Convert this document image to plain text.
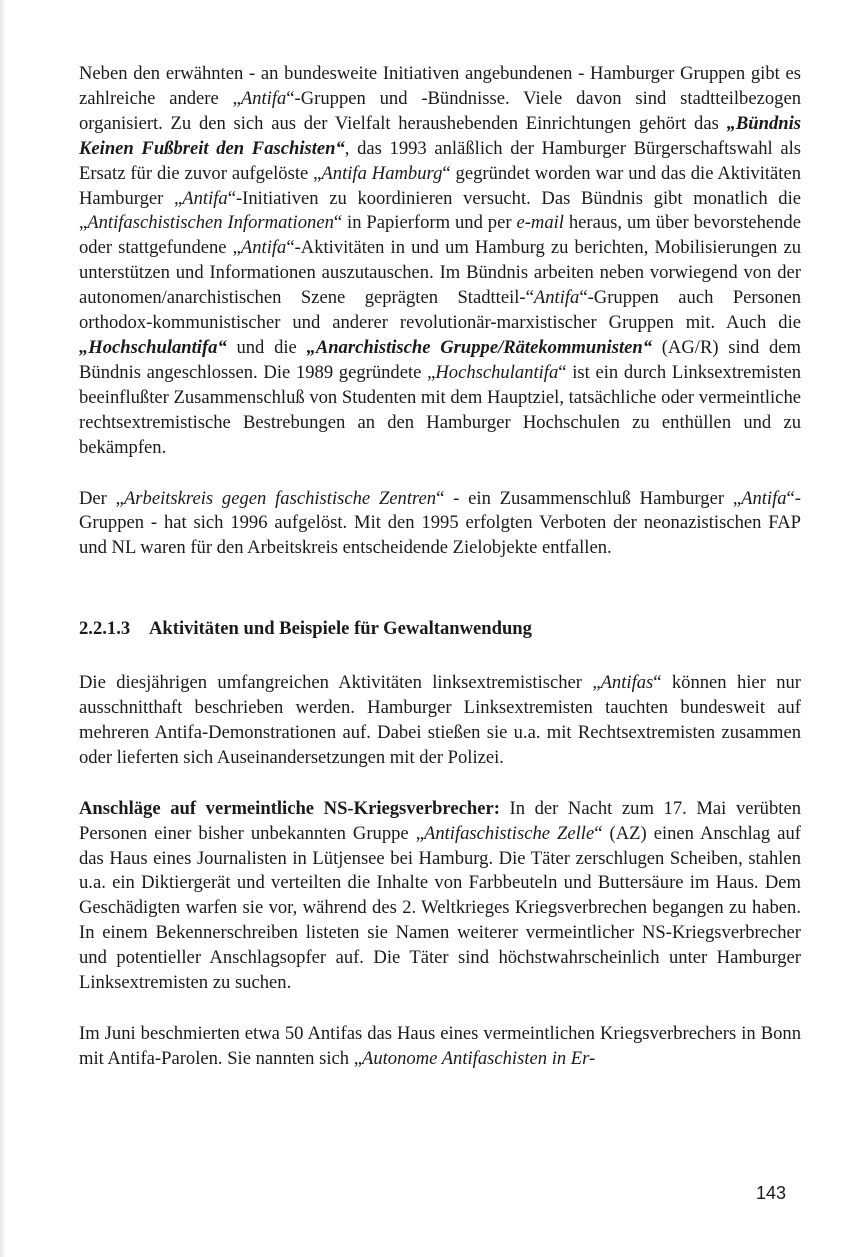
Neben den erwähnten - an bundesweite Initiativen angebundenen - Hamburger Gruppen gibt es zahlreiche andere „Antifa“-Gruppen und -Bündnisse. Viele davon sind stadtteilbezogen organisiert. Zu den sich aus der Vielfalt heraushebenden Einrichtungen gehört das „Bündnis Keinen Fußbreit den Faschisten“, das 1993 anläßlich der Hamburger Bürgerschaftswahl als Ersatz für die zuvor aufgelöste „Antifa Hamburg“ gegründet worden war und das die Aktivitäten Hamburger „Antifa“-Initiativen zu koordinieren versucht. Das Bündnis gibt monatlich die „Antifaschistischen Informationen“ in Papierform und per e-mail heraus, um über bevorstehende oder stattgefundene „Antifa“-Aktivitäten in und um Hamburg zu berichten, Mobilisierungen zu unterstützen und Informationen auszutauschen. Im Bündnis arbeiten neben vorwiegend von der autonomen/anarchistischen Szene geprägten Stadtteil-“Antifa“-Gruppen auch Personen orthodox-kommunistischer und anderer revolutionär-marxistischer Gruppen mit. Auch die „Hochschulantifa“ und die „Anarchistische Gruppe/Rätekommunisten“ (AG/R) sind dem Bündnis angeschlossen. Die 1989 gegründete „Hochschulantifa“ ist ein durch Linksextremisten beeinflußter Zusammenschluß von Studenten mit dem Hauptziel, tatsächliche oder vermeintliche rechtsextremistische Bestrebungen an den Hamburger Hochschulen zu enthüllen und zu bekämpfen.

Der „Arbeitskreis gegen faschistische Zentren“ - ein Zusammenschluß Hamburger „Antifa“-Gruppen - hat sich 1996 aufgelöst. Mit den 1995 erfolgten Verboten der neonazistischen FAP und NL waren für den Arbeitskreis entscheidende Zielobjekte entfallen.

2.2.1.3	Aktivitäten und Beispiele für Gewaltanwendung

Die diesjährigen umfangreichen Aktivitäten linksextremistischer „Antifas“ können hier nur ausschnitthaft beschrieben werden. Hamburger Linksextremisten tauchten bundesweit auf mehreren Antifa-Demonstrationen auf. Dabei stießen sie u.a. mit Rechtsextremisten zusammen oder lieferten sich Auseinandersetzungen mit der Polizei.

Anschläge auf vermeintliche NS-Kriegsverbrecher: In der Nacht zum 17. Mai verübten Personen einer bisher unbekannten Gruppe „Antifaschistische Zelle“ (AZ) einen Anschlag auf das Haus eines Journalisten in Lütjensee bei Hamburg. Die Täter zerschlugen Scheiben, stahlen u.a. ein Diktiergerät und verteilten die Inhalte von Farbbeuteln und Buttersäure im Haus. Dem Geschädigten warfen sie vor, während des 2. Weltkrieges Kriegsverbrechen begangen zu haben. In einem Bekennerschreiben listeten sie Namen weiterer vermeintlicher NS-Kriegsverbrecher und potentieller Anschlagsopfer auf. Die Täter sind höchstwahrscheinlich unter Hamburger Linksextremisten zu suchen.

Im Juni beschmierten etwa 50 Antifas das Haus eines vermeintlichen Kriegsverbrechers in Bonn mit Antifa-Parolen. Sie nannten sich „Autonome Antifaschisten in Er-

143
